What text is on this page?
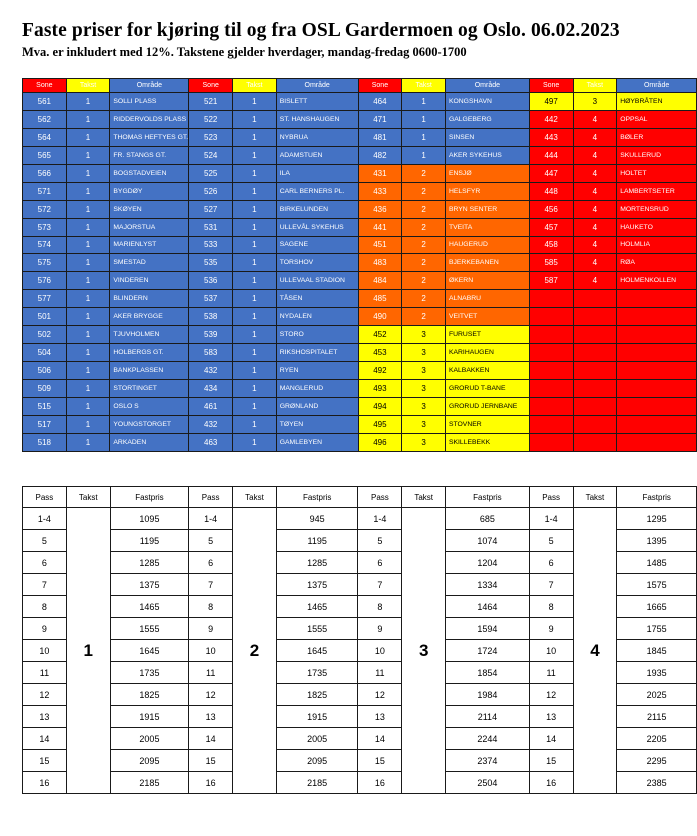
Faste priser for kjøring til og fra OSL Gardermoen og Oslo. 06.02.2023
Mva. er inkludert med 12%. Takstene gjelder hverdager, mandag-fredag 0600-1700
Sone	Takst	Område	Sone	Takst	Område	Sone	Takst	Område	Sone	Takst	Område
561	1	SOLLI PLASS	521	1	BISLETT	464	1	KONGSHAVN	497	3	HØYBRÅTEN
562	1	RIDDERVOLDS PLASS	522	1	ST. HANSHAUGEN	471	1	GALGEBERG	442	4	OPPSAL
564	1	THOMAS HEFTYES GT.	523	1	NYBRUA	481	1	SINSEN	443	4	BØLER
565	1	FR. STANGS GT.	524	1	ADAMSTUEN	482	1	AKER SYKEHUS	444	4	SKULLERUD
566	1	BOGSTADVEIEN	525	1	ILA	431	2	ENSJØ	447	4	HOLTET
571	1	BYGDØY	526	1	CARL BERNERS PL.	433	2	HELSFYR	448	4	LAMBERTSETER
572	1	SKØYEN	527	1	BIRKELUNDEN	436	2	BRYN SENTER	456	4	MORTENSRUD
573	1	MAJORSTUA	531	1	ULLEVÅL SYKEHUS	441	2	TVEITA	457	4	HAUKETO
574	1	MARIENLYST	533	1	SAGENE	451	2	HAUGERUD	458	4	HOLMLIA
575	1	SMESTAD	535	1	TORSHOV	483	2	BJERKEBANEN	585	4	RØA
576	1	VINDEREN	536	1	ULLEVAAL STADION	484	2	ØKERN	587	4	HOLMENKOLLEN
577	1	BLINDERN	537	1	TÅSEN	485	2	ALNABRU			
501	1	AKER BRYGGE	538	1	NYDALEN	490	2	VEITVET			
502	1	TJUVHOLMEN	539	1	STORO	452	3	FURUSET			
504	1	HOLBERGS GT.	583	1	RIKSHOSPITALET	453	3	KARIHAUGEN			
506	1	BANKPLASSEN	432	1	RYEN	492	3	KALBAKKEN			
509	1	STORTINGET	434	1	MANGLERUD	493	3	GRORUD T-BANE			
515	1	OSLO S	461	1	GRØNLAND	494	3	GRORUD JERNBANE			
517	1	YOUNGSTORGET	432	1	TØYEN	495	3	STOVNER			
518	1	ARKADEN	463	1	GAMLEBYEN	496	3	SKILLEBEKK			
Pass	Takst	Fastpris	Pass	Takst	Fastpris	Pass	Takst	Fastpris	Pass	Takst	Fastpris
1-4	1	1095	1-4	2	945	1-4	3	685	1-4	4	1295
5		1195	5		1195	5		1074	5		1395
6		1285	6		1285	6		1204	6		1485
7		1375	7		1375	7		1334	7		1575
8		1465	8		1465	8		1464	8		1665
9		1555	9		1555	9		1594	9		1755
10		1645	10		1645	10		1724	10		1845
11		1735	11		1735	11		1854	11		1935
12		1825	12		1825	12		1984	12		2025
13		1915	13		1915	13		2114	13		2115
14		2005	14		2005	14		2244	14		2205
15		2095	15		2095	15		2374	15		2295
16		2185	16		2185	16		2504	16		2385
